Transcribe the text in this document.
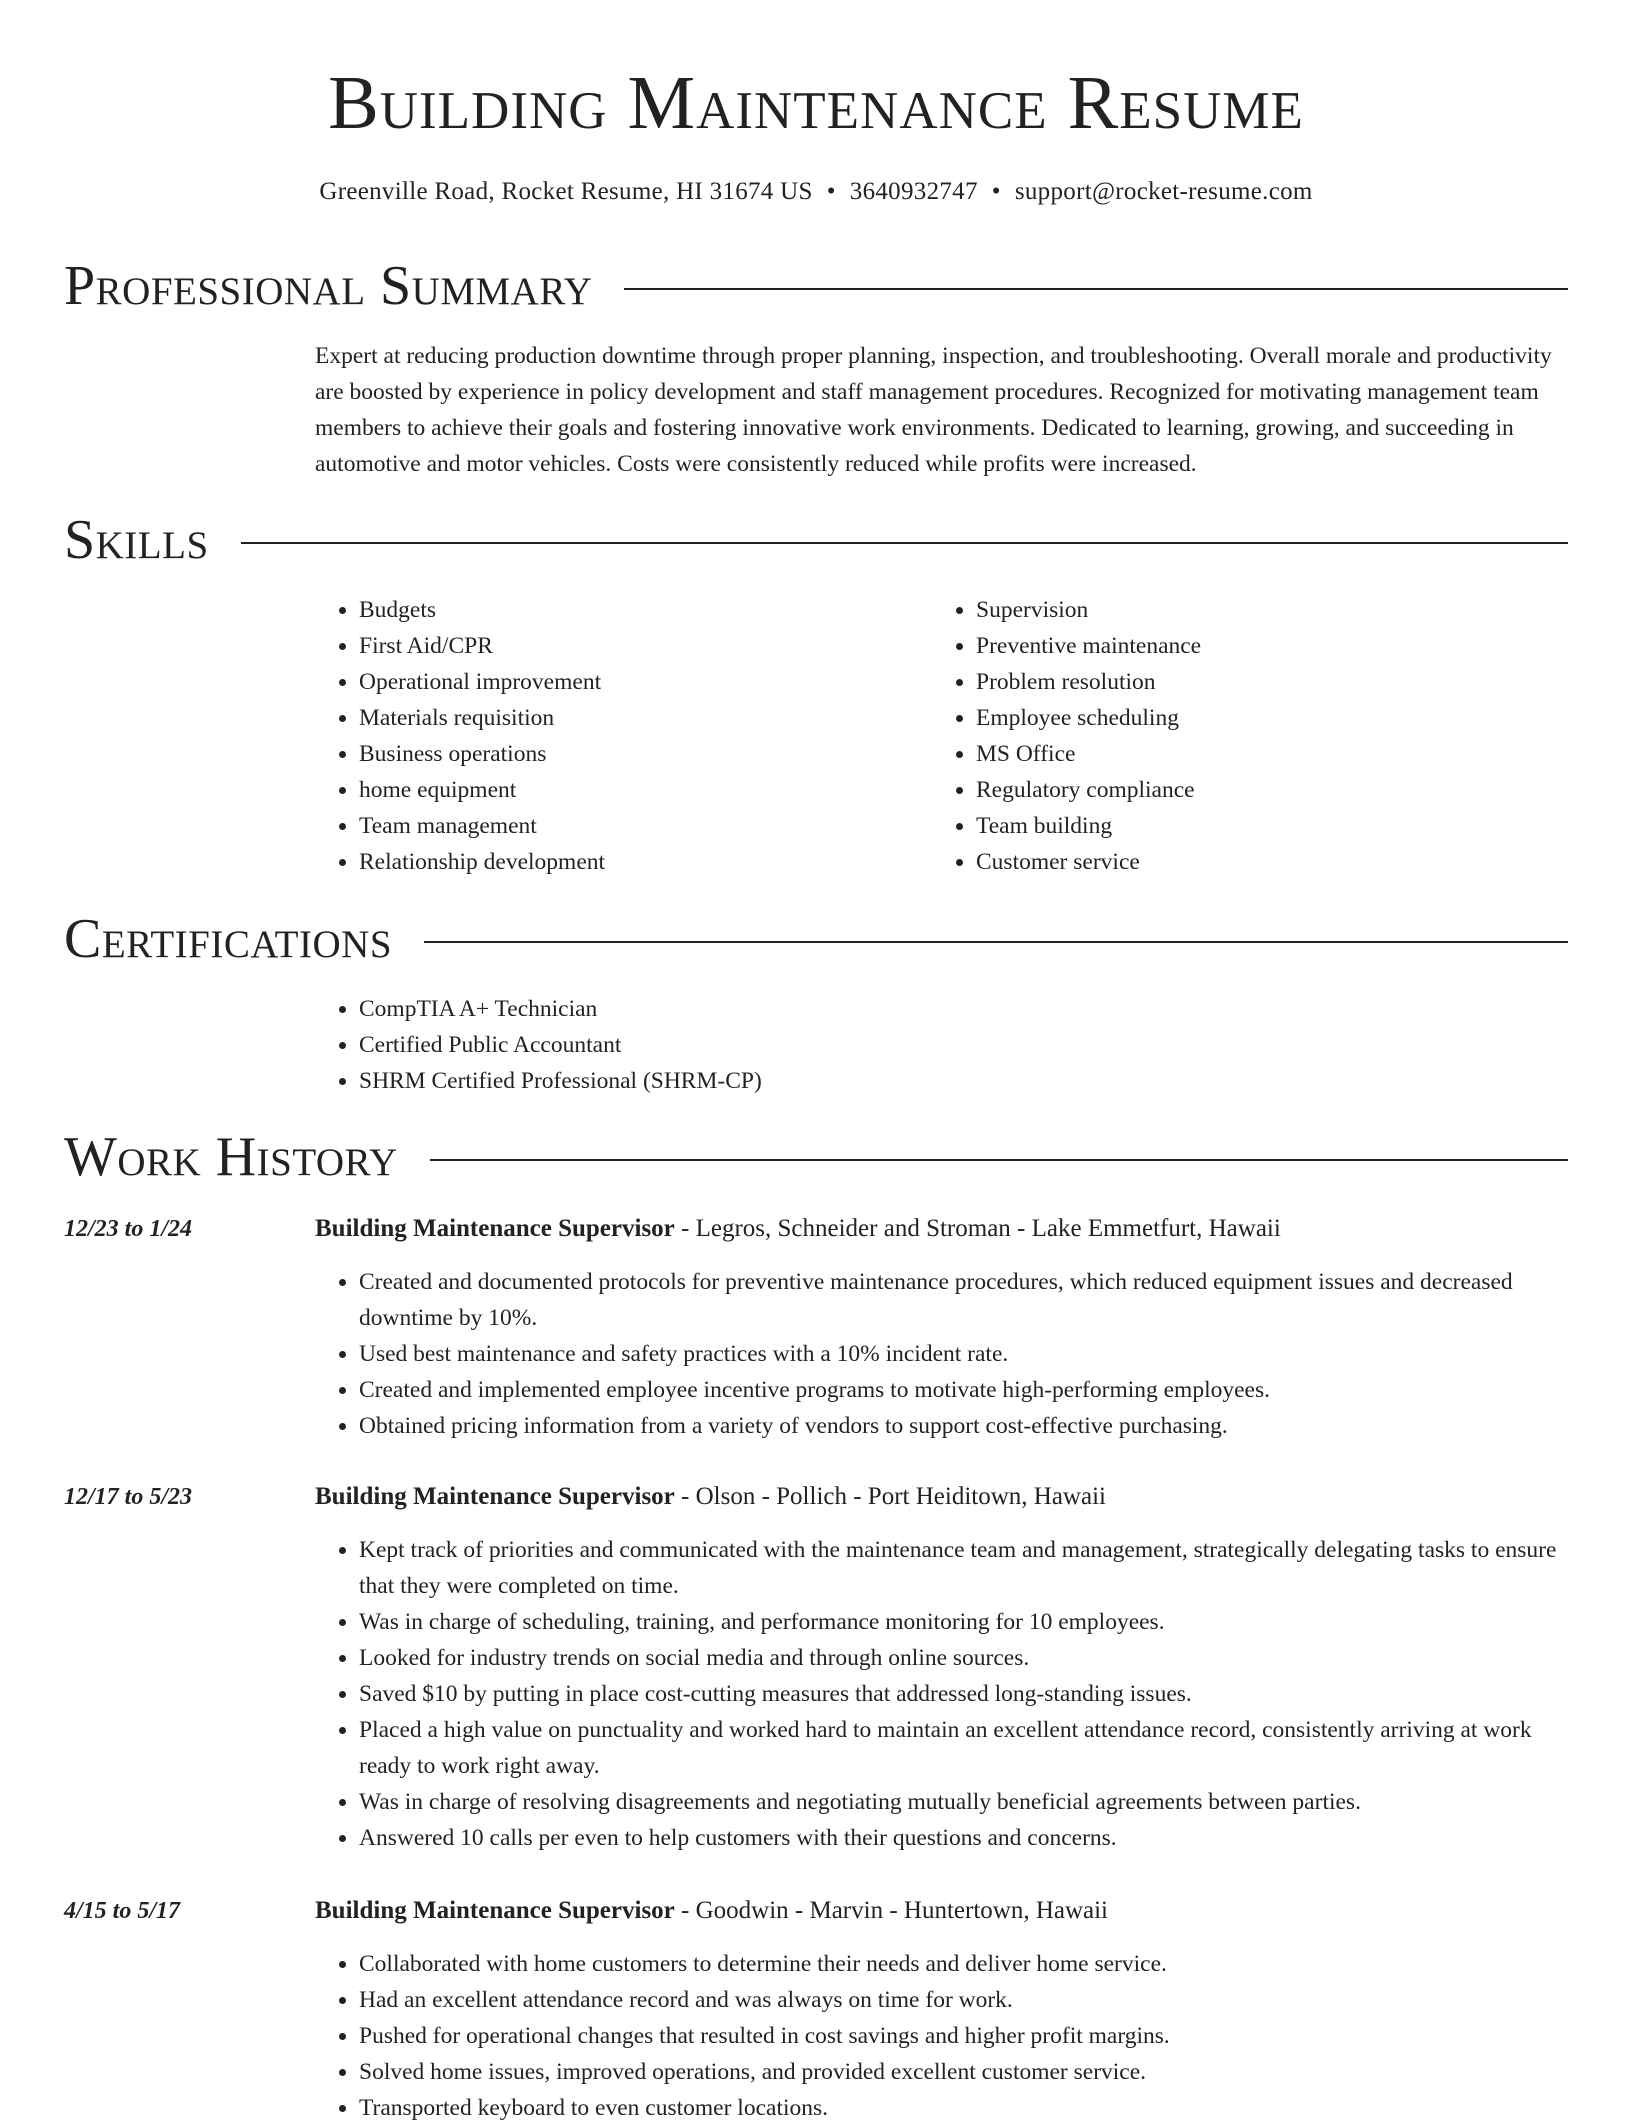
Building Maintenance Resume
Greenville Road, Rocket Resume, HI 31674 US • 3640932747 • support@rocket-resume.com
Professional Summary

Expert at reducing production downtime through proper planning, inspection, and troubleshooting. Overall morale and productivity are boosted by experience in policy development and staff management procedures. Recognized for motivating management team members to achieve their goals and fostering innovative work environments. Dedicated to learning, growing, and succeeding in automotive and motor vehicles. Costs were consistently reduced while profits were increased.

Skills
• Budgets
• First Aid/CPR
• Operational improvement
• Materials requisition
• Business operations
• home equipment
• Team management
• Relationship development
• Supervision
• Preventive maintenance
• Problem resolution
• Employee scheduling
• MS Office
• Regulatory compliance
• Team building
• Customer service
Certifications
• CompTIA A+ Technician
• Certified Public Accountant
• SHRM Certified Professional (SHRM-CP)
Work History
12/23 to 1/24	Building Maintenance Supervisor - Legros, Schneider and Stroman - Lake Emmetfurt, Hawaii
• Created and documented protocols for preventive maintenance procedures, which reduced equipment issues and decreased downtime by 10%.
• Used best maintenance and safety practices with a 10% incident rate.
• Created and implemented employee incentive programs to motivate high-performing employees.
• Obtained pricing information from a variety of vendors to support cost-effective purchasing.
12/17 to 5/23	Building Maintenance Supervisor - Olson - Pollich - Port Heiditown, Hawaii
• Kept track of priorities and communicated with the maintenance team and management, strategically delegating tasks to ensure that they were completed on time.
• Was in charge of scheduling, training, and performance monitoring for 10 employees.
• Looked for industry trends on social media and through online sources.
• Saved $10 by putting in place cost-cutting measures that addressed long-standing issues.
• Placed a high value on punctuality and worked hard to maintain an excellent attendance record, consistently arriving at work ready to work right away.
• Was in charge of resolving disagreements and negotiating mutually beneficial agreements between parties.
• Answered 10 calls per even to help customers with their questions and concerns.
4/15 to 5/17	Building Maintenance Supervisor - Goodwin - Marvin - Huntertown, Hawaii
• Collaborated with home customers to determine their needs and deliver home service.
• Had an excellent attendance record and was always on time for work.
• Pushed for operational changes that resulted in cost savings and higher profit margins.
• Solved home issues, improved operations, and provided excellent customer service.
• Transported keyboard to even customer locations.
